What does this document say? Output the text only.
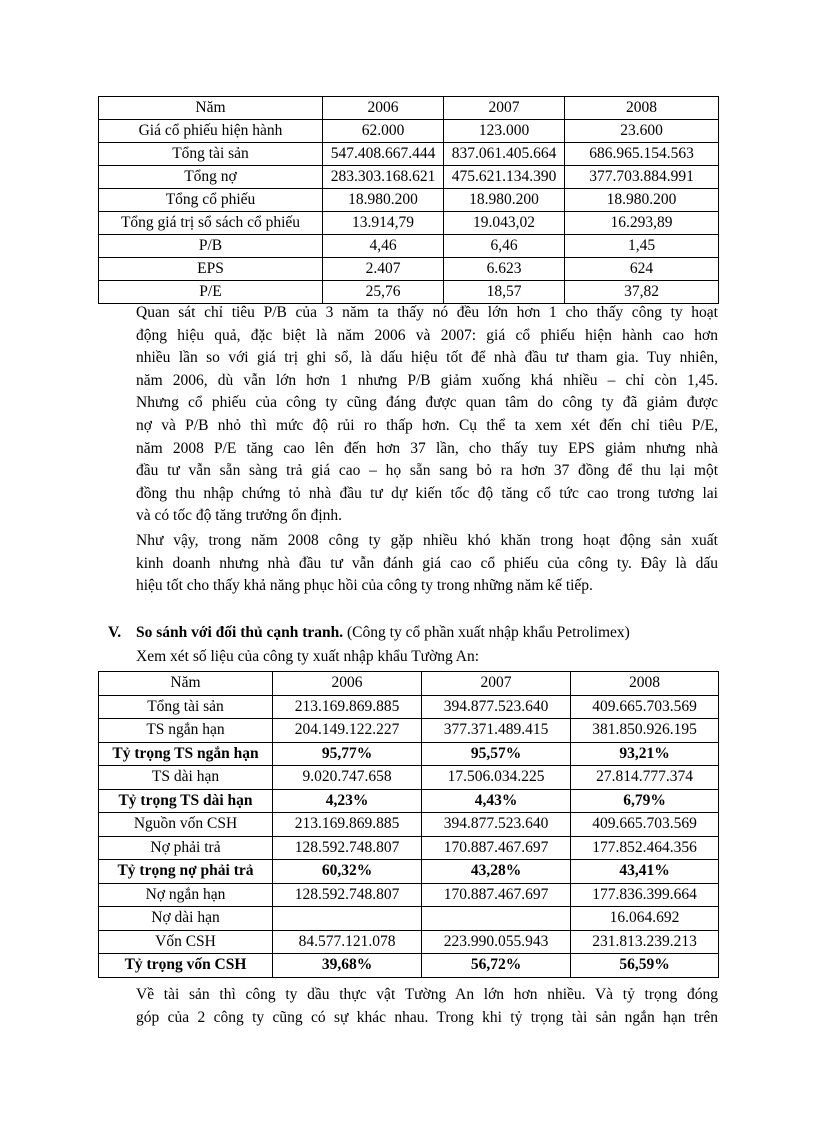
Năm	2006	2007	2008
Giá cổ phiếu hiện hành	62.000	123.000	23.600
Tổng tài sản	547.408.667.444	837.061.405.664	686.965.154.563
Tổng nợ	283.303.168.621	475.621.134.390	377.703.884.991
Tổng cổ phiếu	18.980.200	18.980.200	18.980.200
Tổng giá trị sổ sách cổ phiếu	13.914,79	19.043,02	16.293,89
P/B	4,46	6,46	1,45
EPS	2.407	6.623	624
P/E	25,76	18,57	37,82
Quan sát chỉ tiêu P/B của 3 năm ta thấy nó đều lớn hơn 1 cho thấy công ty hoạt
động hiệu quả, đặc biệt là năm 2006 và 2007: giá cổ phiếu hiện hành cao hơn
nhiều lần so với giá trị ghi sổ, là dấu hiệu tốt để nhà đầu tư tham gia. Tuy nhiên,
năm 2006, dù vẫn lớn hơn 1 nhưng P/B giảm xuống khá nhiều – chỉ còn 1,45.
Nhưng cổ phiếu của công ty cũng đáng được quan tâm do công ty đã giảm được
nợ và P/B nhỏ thì mức độ rủi ro thấp hơn. Cụ thể ta xem xét đến chỉ tiêu P/E,
năm 2008 P/E tăng cao lên đến hơn 37 lần, cho thấy tuy EPS giảm nhưng nhà
đầu tư vẫn sẵn sàng trả giá cao – họ sẵn sang bỏ ra hơn 37 đồng để thu lại một
đồng thu nhập chứng tỏ nhà đầu tư dự kiến tốc độ tăng cổ tức cao trong tương lai
và có tốc độ tăng trưởng ổn định.
Như vậy, trong năm 2008 công ty gặp nhiều khó khăn trong hoạt động sản xuất
kinh doanh nhưng nhà đầu tư vẫn đánh giá cao cổ phiếu của công ty. Đây là dấu
hiệu tốt cho thấy khả năng phục hồi của công ty trong những năm kế tiếp.
V. So sánh với đối thủ cạnh tranh. (Công ty cổ phần xuất nhập khẩu Petrolimex)
Xem xét số liệu của công ty xuất nhập khẩu Tường An:
Năm	2006	2007	2008
Tổng tài sản	213.169.869.885	394.877.523.640	409.665.703.569
TS ngắn hạn	204.149.122.227	377.371.489.415	381.850.926.195
Tỷ trọng TS ngắn hạn	95,77%	95,57%	93,21%
TS dài hạn	9.020.747.658	17.506.034.225	27.814.777.374
Tỷ trọng TS dài hạn	4,23%	4,43%	6,79%
Nguồn vốn CSH	213.169.869.885	394.877.523.640	409.665.703.569
Nợ phải trả	128.592.748.807	170.887.467.697	177.852.464.356
Tỷ trọng nợ phải trả	60,32%	43,28%	43,41%
Nợ ngắn hạn	128.592.748.807	170.887.467.697	177.836.399.664
Nợ dài hạn			16.064.692
Vốn CSH	84.577.121.078	223.990.055.943	231.813.239.213
Tỷ trọng vốn CSH	39,68%	56,72%	56,59%
Về tài sản thì công ty dầu thực vật Tường An lớn hơn nhiều. Và tỷ trọng đóng
góp của 2 công ty cũng có sự khác nhau. Trong khi tỷ trọng tài sản ngắn hạn trên
